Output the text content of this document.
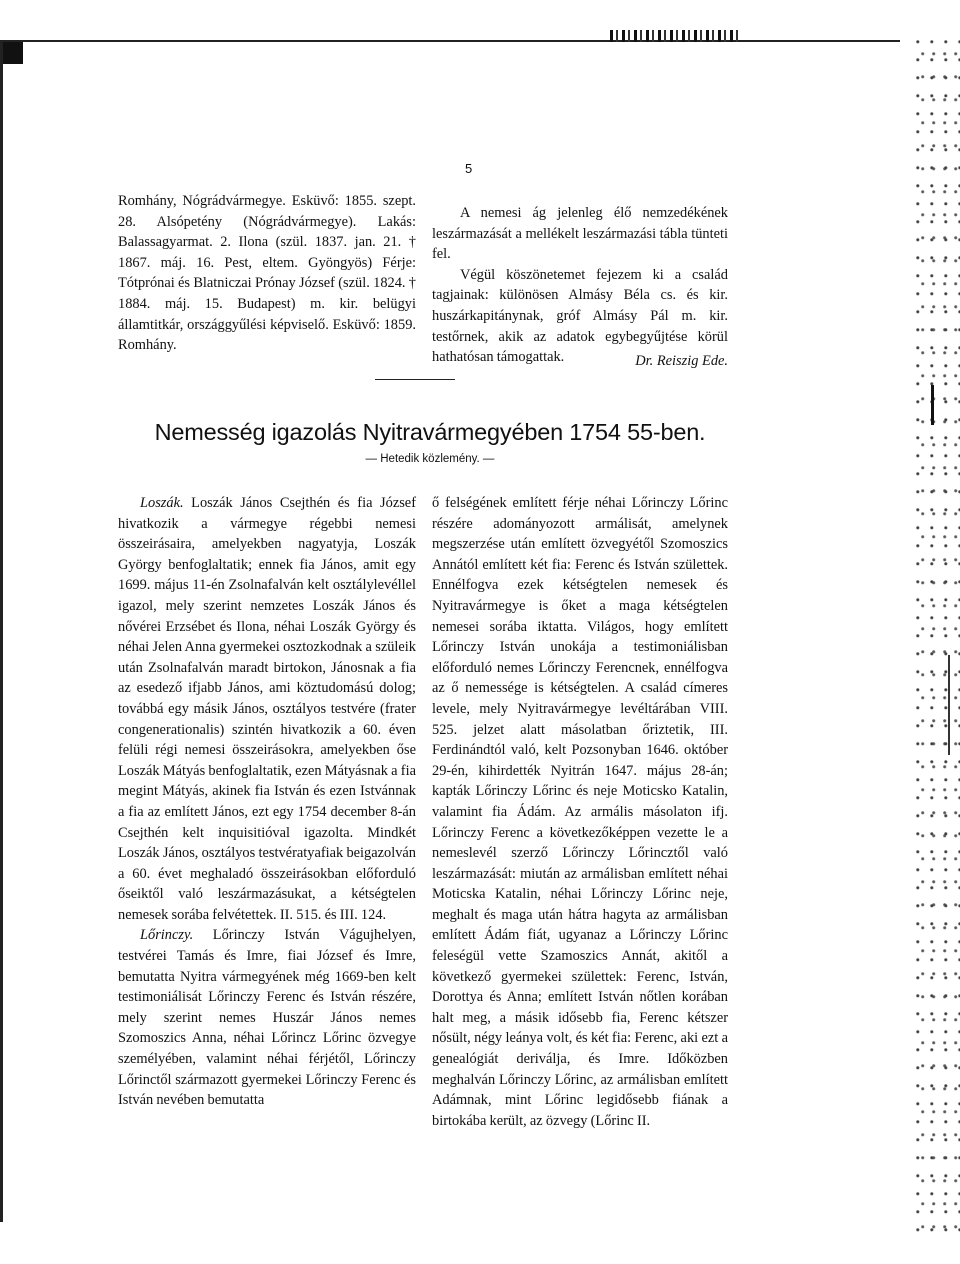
5

Romhány, Nógrádvármegye. Esküvő: 1855. szept. 28. Alsópetény (Nógrádvármegye). Lakás: Balassagyarmat. 2. Ilona (szül. 1837. jan. 21. † 1867. máj. 16. Pest, eltem. Gyöngyös) Férje: Tótprónai és Blatniczai Prónay József (szül. 1824. † 1884. máj. 15. Budapest) m. kir. belügyi államtitkár, országgyűlési képviselő. Esküvő: 1859. Romhány.

A nemesi ág jelenleg élő nemzedékének leszármazását a mellékelt leszármazási tábla tünteti fel.

Végül köszönetemet fejezem ki a család tagjainak: különösen Almásy Béla cs. és kir. huszárkapitánynak, gróf Almásy Pál m. kir. testőrnek, akik az adatok egybegyűjtése körül hathatósan támogattak.	Dr. Reiszig Ede.
Nemesség igazolás Nyitravármegyében 1754 55-ben.
— Hetedik közlemény. —

Loszák. Loszák János Csejthén és fia József hivatkozik a vármegye régebbi nemesi összeirásaira, amelyekben nagyatyja, Loszák György benfoglaltatik; ennek fia János, amit egy 1699. május 11-én Zsolnafalván kelt osztálylevéllel igazol, mely szerint nemzetes Loszák János és nővérei Erzsébet és Ilona, néhai Loszák György és néhai Jelen Anna gyermekei osztozkodnak a szüleik után Zsolnafalván maradt birtokon, Jánosnak a fia az esedező ifjabb János, ami köztudomású dolog; továbbá egy másik János, osztályos testvére (frater congenerationalis) szintén hivatkozik a 60. éven felüli régi nemesi összeirásokra, amelyekben őse Loszák Mátyás benfoglaltatik, ezen Mátyásnak a fia megint Mátyás, akinek fia István és ezen Istvánnak a fia az említett János, ezt egy 1754 december 8-án Csejthén kelt inquisitióval igazolta. Mindkét Loszák János, osztályos testvératyafiak beigazolván a 60. évet meghaladó összeirásokban előforduló őseiktől való leszármazásukat, a kétségtelen nemesek sorába felvétettek. II. 515. és III. 124.

Lőrinczy. Lőrinczy István Vágujhelyen, testvérei Tamás és Imre, fiai József és Imre, bemutatta Nyitra vármegyének még 1669-ben kelt testimoniálisát Lőrinczy Ferenc és István részére, mely szerint nemes Huszár János nemes Szomoszics Anna, néhai Lőrincz Lőrinc özvegye személyében, valamint néhai férjétől, Lőrinczy Lőrinctől származott gyermekei Lőrinczy Ferenc és István nevében bemutatta

ő felségének említett férje néhai Lőrinczy Lőrinc részére adományozott armálisát, amelynek megszerzése után említett özvegyétől Szomoszics Annától említett két fia: Ferenc és István születtek. Ennélfogva ezek kétségtelen nemesek és Nyitravármegye is őket a maga kétségtelen nemesei sorába iktatta. Világos, hogy említett Lőrinczy István unokája a testimoniálisban előforduló nemes Lőrinczy Ferencnek, ennélfogva az ő nemessége is kétségtelen. A család címeres levele, mely Nyitravármegye levéltárában VIII. 525. jelzet alatt másolatban őriztetik, III. Ferdinándtól való, kelt Pozsonyban 1646. október 29-én, kihirdették Nyitrán 1647. május 28-án; kapták Lőrinczy Lőrinc és neje Moticsko Katalin, valamint fia Ádám. Az armális másolaton ifj. Lőrinczy Ferenc a következőképpen vezette le a nemeslevél szerző Lőrinczy Lőrincztől való leszármazását: miután az armálisban említett néhai Moticska Katalin, néhai Lőrinczy Lőrinc neje, meghalt és maga után hátra hagyta az armálisban említett Ádám fiát, ugyanaz a Lőrinczy Lőrinc feleségül vette Szamoszics Annát, akitől a következő gyermekei születtek: Ferenc, István, Dorottya és Anna; említett István nőtlen korában halt meg, a másik idősebb fia, Ferenc kétszer nősült, négy leánya volt, és két fia: Ferenc, aki ezt a genealógiát deriválja, és Imre. Időközben meghalván Lőrinczy Lőrinc, az armálisban említett Adámnak, mint Lőrinc legidősebb fiának a birtokába került, az özvegy (Lőrinc II.
